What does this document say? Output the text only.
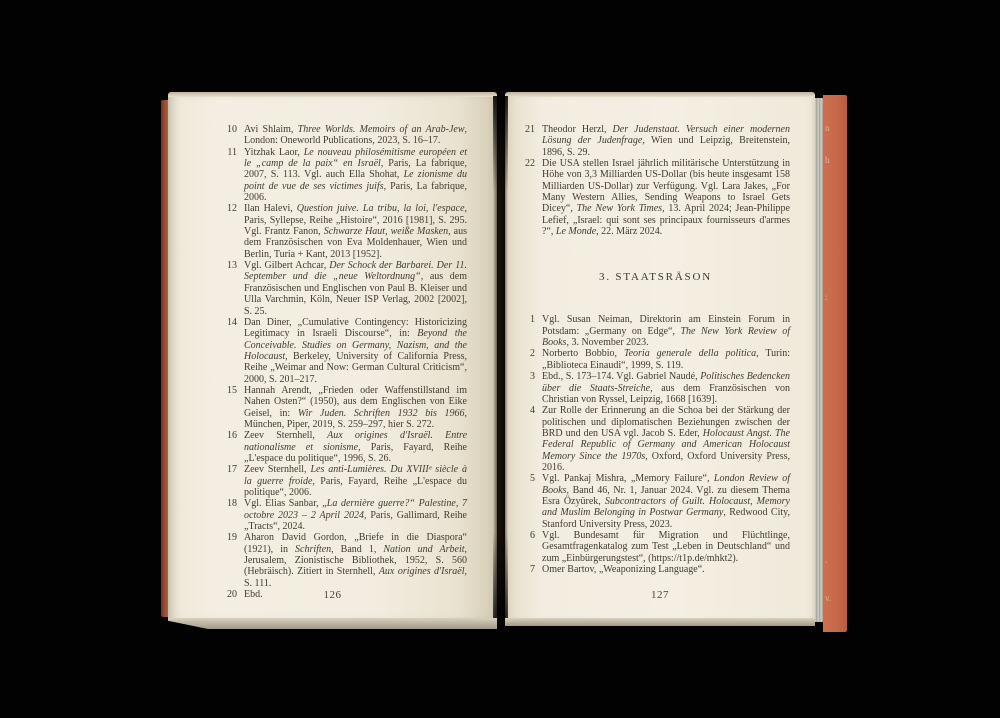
10 Avi Shlaim, Three Worlds. Memoirs of an Arab-Jew, London: Oneworld Publications, 2023, S. 16–17.
11 Yitzhak Laor, Le nouveau philosémitisme européen et le „camp de la paix“ en Israël, Paris, La fabrique, 2007, S. 113. Vgl. auch Ella Shohat, Le zionisme du point de vue de ses victimes juifs, Paris, La fabrique, 2006.
12 Ilan Halevi, Question juive. La tribu, la loi, l'espace, Paris, Syllepse, Reihe „Histoire“, 2016 [1981], S. 295. Vgl. Frantz Fanon, Schwarze Haut, weiße Masken, aus dem Französischen von Eva Moldenhauer, Wien und Berlin, Turia + Kant, 2013 [1952].
13 Vgl. Gilbert Achcar, Der Schock der Barbarei. Der 11. September und die „neue Weltordnung“, aus dem Französischen und Englischen von Paul B. Kleiser und Ulla Varchmin, Köln, Neuer ISP Verlag, 2002 [2002], S. 25.
14 Dan Diner, „Cumulative Contingency: Historicizing Legitimacy in Israeli Discourse“, in: Beyond the Conceivable. Studies on Germany, Nazism, and the Holocaust, Berkeley, University of California Press, Reihe „Weimar and Now: German Cultural Criticism“, 2000, S. 201–217.
15 Hannah Arendt, „Frieden oder Waffenstillstand im Nahen Osten?“ (1950), aus dem Englischen von Eike Geisel, in: Wir Juden. Schriften 1932 bis 1966, München, Piper, 2019, S. 259–297, hier S. 272.
16 Zeev Sternhell, Aux origines d'Israël. Entre nationalisme et sionisme, Paris, Fayard, Reihe „L'espace du politique“, 1996, S. 26.
17 Zeev Sternhell, Les anti-Lumières. Du XVIIIᵉ siècle à la guerre froide, Paris, Fayard, Reihe „L'espace du politique“, 2006.
18 Vgl. Elias Sanbar, „La dernière guerre?“ Palestine, 7 octobre 2023 – 2 April 2024, Paris, Gallimard, Reihe „Tracts“, 2024.
19 Aharon David Gordon, „Briefe in die Diaspora“ (1921), in Schriften, Band 1, Nation und Arbeit, Jerusalem, Zionistische Bibliothek, 1952, S. 560 (Hebräisch). Zitiert in Sternhell, Aux origines d'Israël, S. 111.
20 Ebd.	126
21 Theodor Herzl, Der Judenstaat. Versuch einer modernen Lösung der Judenfrage, Wien und Leipzig, Breitenstein, 1896, S. 29.
22 Die USA stellen Israel jährlich militärische Unterstützung in Höhe von 3,3 Milliarden US-Dollar (bis heute insgesamt 158 Milliarden US-Dollar) zur Verfügung. Vgl. Lara Jakes, „For Many Western Allies, Sending Weapons to Israel Gets Dicey“, The New York Times, 13. April 2024; Jean-Philippe Lefief, „Israel: qui sont ses principaux fournisseurs d'armes ?“, Le Monde, 22. März 2024.
3. STAATSRÄSON
1 Vgl. Susan Neiman, Direktorin am Einstein Forum in Potsdam: „Germany on Edge“, The New York Review of Books, 3. November 2023.
2 Norberto Bobbio, Teoria generale della politica, Turin: „Biblioteca Einaudi“, 1999, S. 119.
3 Ebd., S. 173–174. Vgl. Gabriel Naudé, Politisches Bedencken über die Staats-Streiche, aus dem Französischen von Christian von Ryssel, Leipzig, 1668 [1639].
4 Zur Rolle der Erinnerung an die Schoa bei der Stärkung der politischen und diplomatischen Beziehungen zwischen der BRD und den USA vgl. Jacob S. Eder, Holocaust Angst. The Federal Republic of Germany and American Holocaust Memory Since the 1970s, Oxford, Oxford University Press, 2016.
5 Vgl. Pankaj Mishra, „Memory Failure“, London Review of Books, Band 46, Nr. 1, Januar 2024. Vgl. zu diesem Thema Esra Özyürek, Subcontractors of Guilt. Holocaust, Memory and Muslim Belonging in Postwar Germany, Redwood City, Stanford University Press, 2023.
6 Vgl. Bundesamt für Migration und Flüchtlinge, Gesamtfragenkatalog zum Test „Leben in Deutschland“ und zum „Einbürgerungstest“, (https://t1p.de/mhkt2).
7 Omer Bartov, „Weaponizing Language“.
127
n
h
:
.
v.
